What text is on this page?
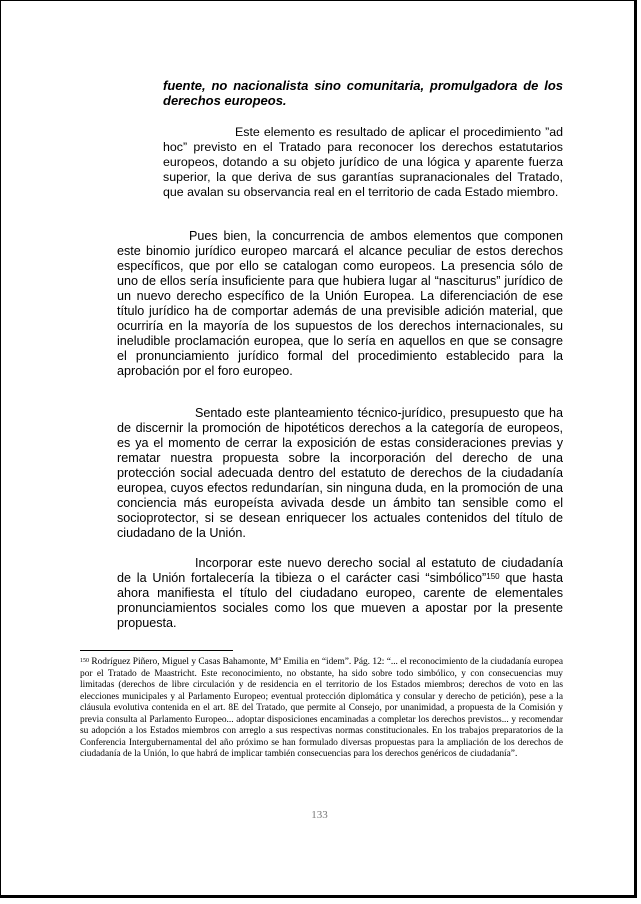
fuente, no nacionalista sino comunitaria, promulgadora de los derechos europeos.

Este elemento es resultado de aplicar el procedimiento ”ad hoc” previsto en el Tratado para reconocer los derechos estatutarios europeos, dotando a su objeto jurídico de una lógica y aparente fuerza superior, la que deriva de sus garantías supranacionales del Tratado, que avalan su observancia real en el territorio de cada Estado miembro.

Pues bien, la concurrencia de ambos elementos que componen este binomio jurídico europeo marcará el alcance peculiar de estos derechos específicos, que por ello se catalogan como europeos. La presencia sólo de uno de ellos sería insuficiente para que hubiera lugar al “nasciturus” jurídico de un nuevo derecho específico de la Unión Europea. La diferenciación de ese título jurídico ha de comportar además de una previsible adición material, que ocurriría en la mayoría de los supuestos de los derechos internacionales, su ineludible proclamación europea, que lo sería en aquellos en que se consagre el pronunciamiento jurídico formal del procedimiento establecido para la aprobación por el foro europeo.

Sentado este planteamiento técnico-jurídico, presupuesto que ha de discernir la promoción de hipotéticos derechos a la categoría de europeos, es ya el momento de cerrar la exposición de estas consideraciones previas y rematar nuestra propuesta sobre la incorporación del derecho de una protección social adecuada dentro del estatuto de derechos de la ciudadanía europea, cuyos efectos redundarían, sin ninguna duda, en la promoción de una conciencia más europeísta avivada desde un ámbito tan sensible como el socioprotector, si se desean enriquecer los actuales contenidos del título de ciudadano de la Unión.

Incorporar este nuevo derecho social al estatuto de ciudadanía de la Unión fortalecería la tibieza o el carácter casi “simbólico”$^{150}$ que hasta ahora manifiesta el título del ciudadano europeo, carente de elementales pronunciamientos sociales como los que mueven a apostar por la presente propuesta.

$^{150}$ Rodríguez Piñero, Miguel y Casas Bahamonte, Mª Emilia en “idem”. Pág. 12: “... el reconocimiento de la ciudadanía europea por el Tratado de Maastricht. Este reconocimiento, no obstante, ha sido sobre todo simbólico, y con consecuencias muy limitadas (derechos de libre circulación y de residencia en el territorio de los Estados miembros; derechos de voto en las elecciones municipales y al Parlamento Europeo; eventual protección diplomática y consular y derecho de petición), pese a la cláusula evolutiva contenida en el art. 8E del Tratado, que permite al Consejo, por unanimidad, a propuesta de la Comisión y previa consulta al Parlamento Europeo... adoptar disposiciones encaminadas a completar los derechos previstos... y recomendar su adopción a los Estados miembros con arreglo a sus respectivas normas constitucionales. En los trabajos preparatorios de la Conferencia Intergubernamental del año próximo se han formulado diversas propuestas para la ampliación de los derechos de ciudadanía de la Unión, lo que habrá de implicar también consecuencias para los derechos genéricos de ciudadanía”.

133
